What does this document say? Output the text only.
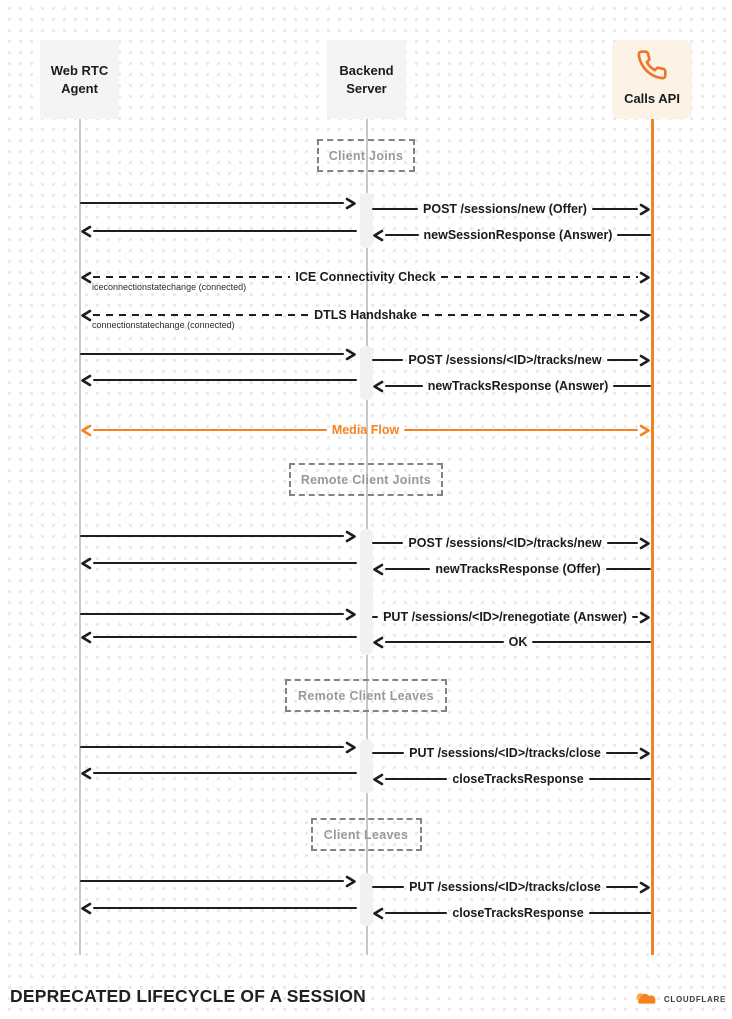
DEPRECATED LIFECYCLE OF A SESSION	CLOUDFLARE
Web RTC
Agent
Backend
Server
Calls API
Client Joins
Remote Client Joints
Remote Client Leaves
Client Leaves
POST /sessions/new (Offer)
newSessionResponse (Answer)
ICE Connectivity Check
iceconnectionstatechange (connected)
DTLS Handshake
connectionstatechange (connected)
POST /sessions/<ID>/tracks/new
newTracksResponse (Answer)
Media Flow
POST /sessions/<ID>/tracks/new
newTracksResponse (Offer)
PUT /sessions/<ID>/renegotiate (Answer)
OK
PUT /sessions/<ID>/tracks/close
closeTracksResponse
PUT /sessions/<ID>/tracks/close
closeTracksResponse
